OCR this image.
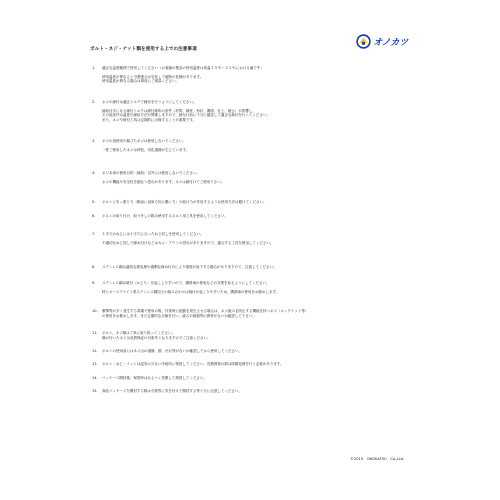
ボルト・ネジ・ナット類を使用する上での注意事項
オノカツ
1. 適正な温度範囲で使用してください（お客様の製品の使用温度は常温１５℃〜２５℃における値です）
使用温度が異なると引張強さが変化して破断の危険があります。
使用温度が異なる場合は事前にご相談ください。
2. ネジの締付は適正トルクで締付を行うようにしてください。
締結目安になる締付トルクは締付箇所の条件（材質、精度、形状、潤滑、仕上、硬さ）が影響し、
その他条件は温度や締結方法が関係しますので、締付け前に十分に確認して適正な締付を行ってください。
また、ネジや締付工具は定期的に点検することが重要です。
3. ネジの再使用や錆びたネジは使用しないでください。
一度ご使用したネジは伸長、劣化損傷が生じています。
4. ネジ本来の使用目的（締結）以外には使用しないでください。
ネジの機能や安全性を損なう恐れがあります。ネジは締付けてご使用下さい。
5. ボルトに引っ張り力（軸直に直角方向に働く力）や曲げ力が作用するような使用方法は避けてください。
6. ボルトの取り付け、取り外しの際は使用するボルト用工具を使用してください。
7. 十字穴のねじには十字穴に合ったねじ回しを使用してください。
不適切なねじ回しで締め付けなどはカム・アウトの恐れがありますので、適合する工具を使用してください。
8. ステンレス鋼は適切な熱処理や過剰な締め付けにより強度が低下する場合がありますので、注意してください。
9. ステンレス鋼は焼付（かじり）を起こしやすいので、潤滑剤の使用などの対策を取るようにしてください。
特にオーステナイト系ステンレス鋼同士の組み合わせは焼付が起こりやすいため、潤滑剤の使用をお勧めします。
10. 衝撃等が多く発生する現場で使用の際、作業時に振動を発生させる場合は、ネジ緩みを防止する機能を持つネジ（ロックナット等）
の使用をお勧めします。また定期的な点検を行い、緩みや破損等の異常がないか確認して下さい。
11. ボルト、ネジ類は丁寧に取り扱ってください。
傷が付いたネジは品質保証の対象外となりますのでご注意ください。
12. ボルトの使用前にはネジ山の損傷、錆、汚れ等がないか確認してから使用してください。
13. ボルト・ねじ・ナットは湿気の少ない冷暗所に保管してください。長期保管の際は防錆処理を行う必要があります。
14. パッケージ開封後、保管時はなるべく密閉して保管してください。
15. 商品パッケージを開封する際は刃物等に気を付けて開封する等十分に注意してください。
©2019　ONOKATSU　Co.,Ltd.
